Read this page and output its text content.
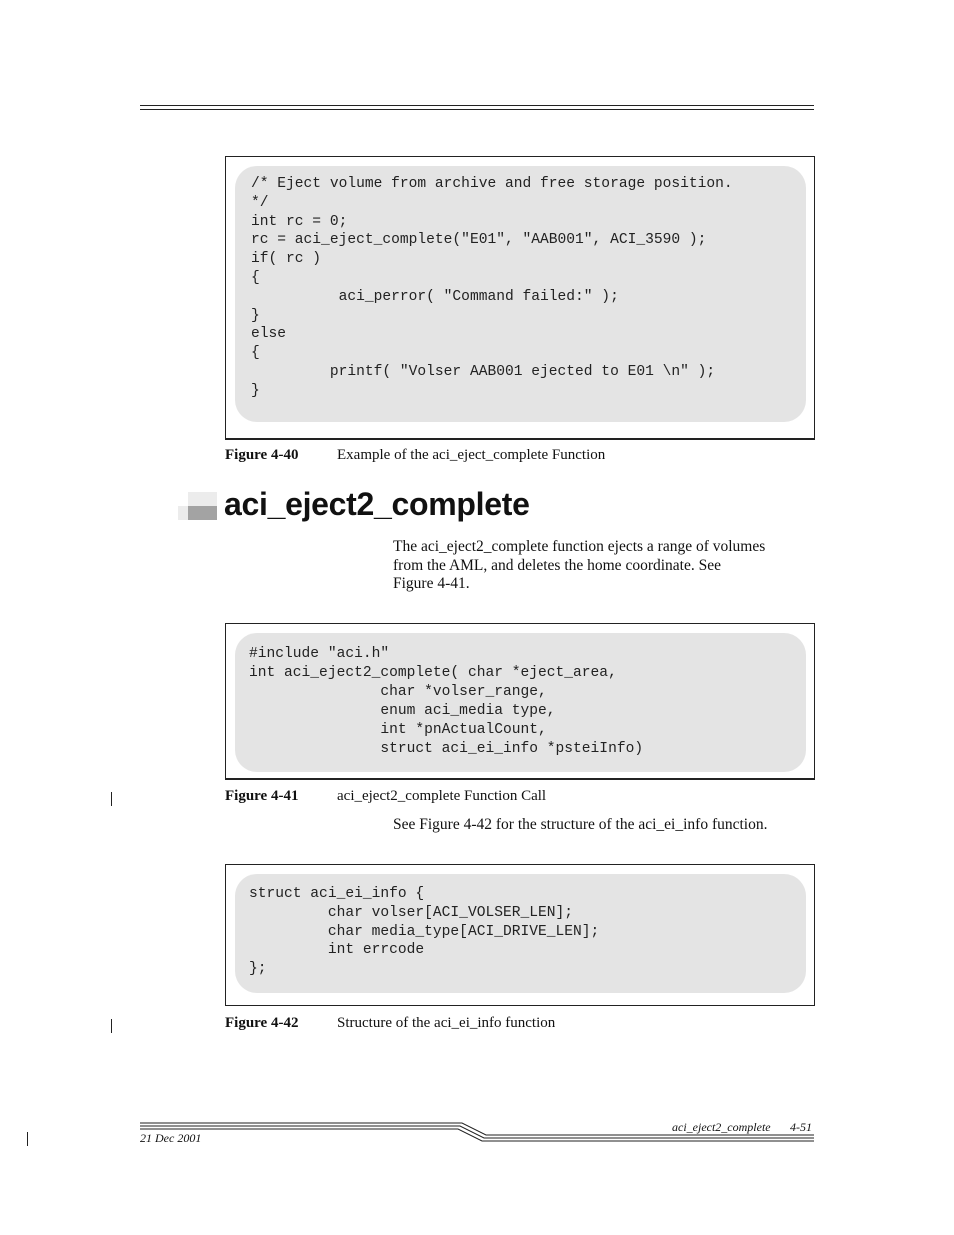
/* Eject volume from archive and free storage position.
*/
int rc = 0;
rc = aci_eject_complete("E01", "AAB001", ACI_3590 );
if( rc )
{
aci_perror( "Command failed:" );
}
else
{
printf( "Volser AAB001 ejected to E01 \n" );
}
Figure 4-40	Example of the aci_eject_complete Function
aci_eject2_complete
The aci_eject2_complete function ejects a range of volumes
from the AML, and deletes the home coordinate. See
Figure 4-41.
#include "aci.h"
int aci_eject2_complete( char *eject_area,
char *volser_range,
enum aci_media type,
int *pnActualCount,
struct aci_ei_info *psteiInfo)
Figure 4-41	aci_eject2_complete Function Call
See Figure 4-42 for the structure of the aci_ei_info function.
struct aci_ei_info {
char volser[ACI_VOLSER_LEN];
char media_type[ACI_DRIVE_LEN];
int errcode
};
Figure 4-42	Structure of the aci_ei_info function
aci_eject2_complete 4-51
21 Dec 2001
